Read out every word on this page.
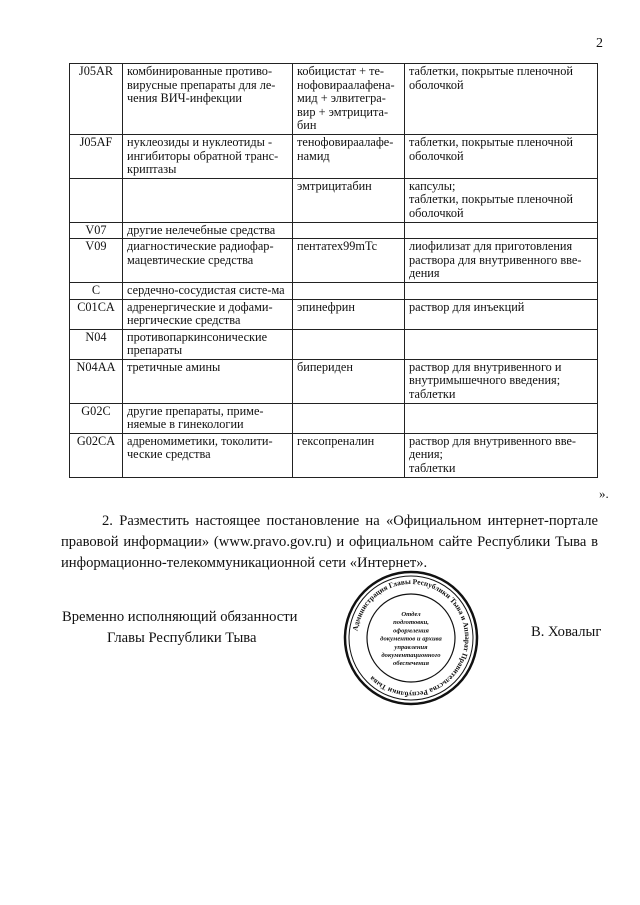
2
J05AR	комбинированные противо-вирусные препараты для ле-чения ВИЧ-инфекции	кобицистат + те-нофовираалафена-мид + элвитегра-вир + эмтрицита-бин	таблетки, покрытые пленочной оболочкой
J05AF	нуклеозиды и нуклеотиды - ингибиторы обратной транс-криптазы	тенофовираалафе-намид	таблетки, покрытые пленочной оболочкой
		эмтрицитабин	капсулы;
таблетки, покрытые пленочной оболочкой
V07	другие нелечебные средства		
V09	диагностические радиофар-мацевтические средства	пентатех99mTc	лиофилизат для приготовления раствора для внутривенного вве-дения
C	сердечно-сосудистая систе-ма		
C01CA	адренергические и дофами-нергические средства	эпинефрин	раствор для инъекций
N04	противопаркинсонические препараты		
N04AA	третичные амины	бипериден	раствор для внутривенного и внутримышечного введения;
таблетки
G02C	другие препараты, приме-няемые в гинекологии		
G02CA	адреномиметики, токолити-ческие средства	гексопреналин	раствор для внутривенного вве-дения;
таблетки
».

2. Разместить настоящее постановление на «Официальном интернет-портале правовой информации» (www.pravo.gov.ru) и официальном сайте Республики Тыва в информационно-телекоммуникационной сети «Интернет».

Временно исполняющий обязанности
Главы Республики Тыва
Администрация Главы Республики Тыва и Аппарат Правительства Республики Тыва
Отдел
подготовки,
оформления
документов и архива
управления
документационного
обеспечения
В. Ховалыг
